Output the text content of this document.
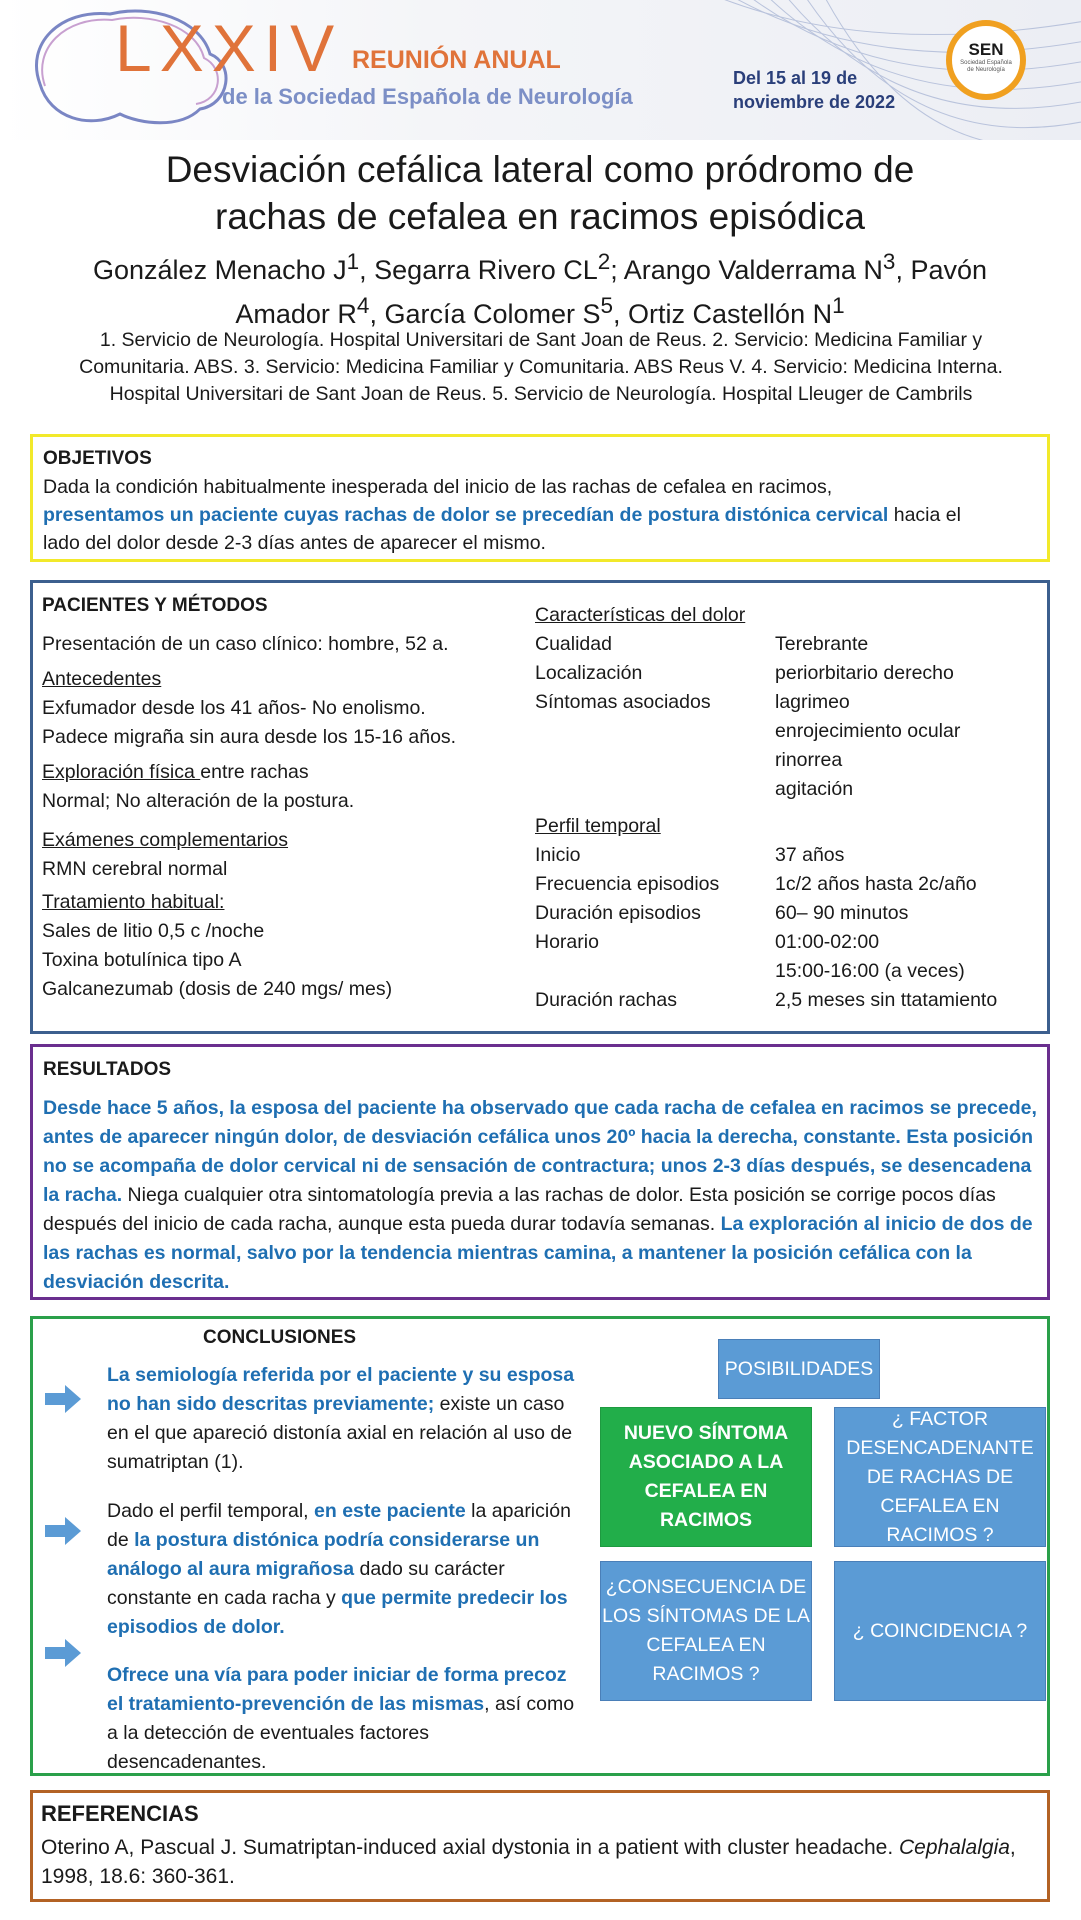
LXXIV REUNIÓN ANUAL
de la Sociedad Española de Neurología
Del 15 al 19 de
noviembre de 2022
SEN
Sociedad Española
de Neurología
Desviación cefálica lateral como pródromo de
rachas de cefalea en racimos episódica
González Menacho $J^1$, Segarra Rivero $CL^2$; Arango Valderrama $N^3$, Pavón
Amador $R^4$, García Colomer $S^5$, Ortiz Castellón $N^1$
1. Servicio de Neurología. Hospital Universitari de Sant Joan de Reus. 2. Servicio: Medicina Familiar y
Comunitaria. ABS. 3. Servicio: Medicina Familiar y Comunitaria. ABS Reus V. 4. Servicio: Medicina Interna.
Hospital Universitari de Sant Joan de Reus. 5. Servicio de Neurología. Hospital Lleuger de Cambrils
OBJETIVOS
Dada la condición habitualmente inesperada del inicio de las rachas de cefalea en racimos,
presentamos un paciente cuyas rachas de dolor se precedían de postura distónica cervical hacia el
lado del dolor desde 2-3 días antes de aparecer el mismo.
PACIENTES Y MÉTODOS
Presentación de un caso clínico: hombre, 52 a.
Antecedentes
Exfumador desde los 41 años- No enolismo.
Padece migraña sin aura desde los 15-16 años.
Exploración física entre rachas
Normal; No alteración de la postura.
Exámenes complementarios
RMN cerebral normal
Tratamiento habitual:
Sales de litio 0,5 c /noche
Toxina botulínica tipo A
Galcanezumab (dosis de 240 mgs/ mes)
Características del dolor
Cualidad	Terebrante
Localización	periorbitario derecho
Síntomas asociados	lagrimeo
enrojecimiento ocular
rinorrea
agitación
Perfil temporal
Inicio	37 años
Frecuencia episodios	1c/2 años hasta 2c/año
Duración episodios	60– 90 minutos
Horario	01:00-02:00
15:00-16:00 (a veces)
Duración rachas	2,5 meses sin ttatamiento
RESULTADOS
Desde hace 5 años, la esposa del paciente ha observado que cada racha de cefalea en racimos se precede, antes de aparecer ningún dolor, de desviación cefálica unos 20º hacia la derecha, constante. Esta posición no se acompaña de dolor cervical ni de sensación de contractura; unos 2-3 días después, se desencadena la racha. Niega cualquier otra sintomatología previa a las rachas de dolor. Esta posición se corrige pocos días después del inicio de cada racha, aunque esta pueda durar todavía semanas. La exploración al inicio de dos de las rachas es normal, salvo por la tendencia mientras camina, a mantener la posición cefálica con la desviación descrita.
CONCLUSIONES
La semiología referida por el paciente y su esposa no han sido descritas previamente; existe un caso en el que apareció distonía axial en relación al uso de sumatriptan (1).
Dado el perfil temporal, en este paciente la aparición de la postura distónica podría considerarse un análogo al aura migrañosa dado su carácter constante en cada racha y que permite predecir los episodios de dolor.
Ofrece una vía para poder iniciar de forma precoz el tratamiento-prevención de las mismas, así como a la detección de eventuales factores desencadenantes.
POSIBILIDADES
NUEVO SÍNTOMA ASOCIADO A LA CEFALEA EN RACIMOS
¿ FACTOR DESENCADENANTE DE RACHAS DE CEFALEA EN RACIMOS ?
¿CONSECUENCIA DE LOS SÍNTOMAS DE LA CEFALEA EN RACIMOS ?
¿ COINCIDENCIA ?
REFERENCIAS
Oterino A, Pascual J. Sumatriptan-induced axial dystonia in a patient with cluster headache. Cephalalgia, 1998, 18.6: 360-361.
